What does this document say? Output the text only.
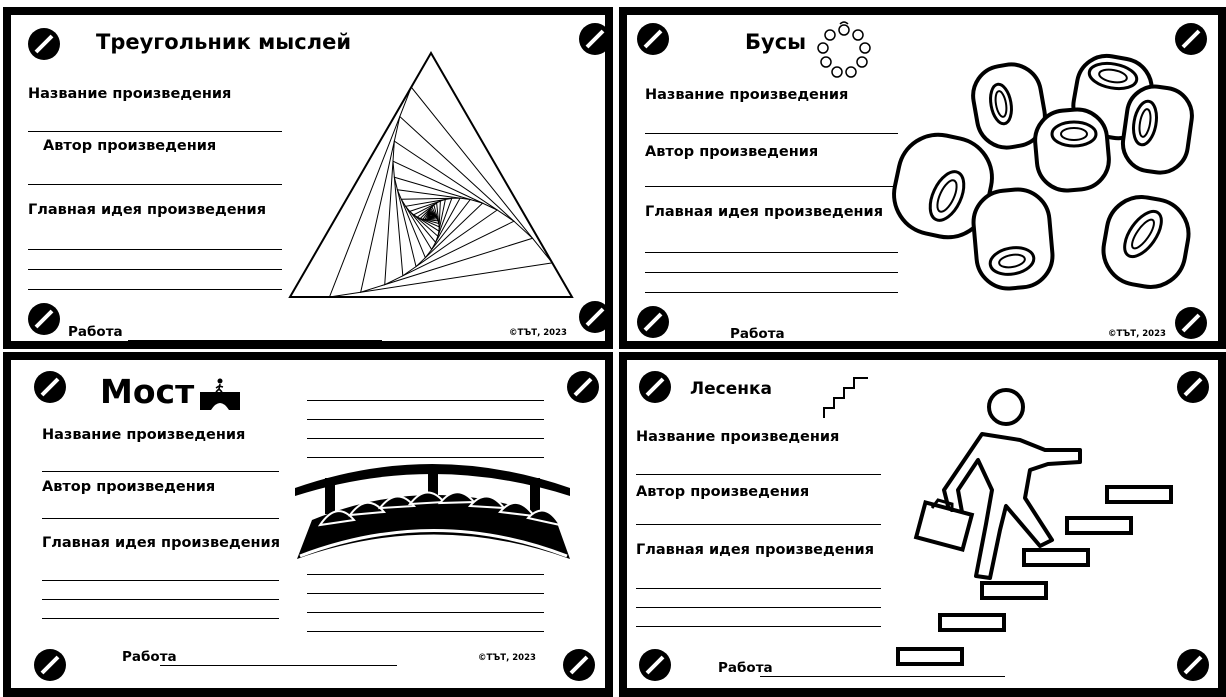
Треугольник мыслей
Название произведения
Автор произведения
Главная идея произведения
Работа	©ТЪТ, 2023
Бусы
Название произведения
Автор произведения
Главная идея произведения
Работа	©ТЪТ, 2023
Мост
Название произведения
Автор произведения
Главная идея произведения
Работа	©ТЪТ, 2023
Лесенка
Название произведения
Автор произведения
Главная идея произведения
Работа
